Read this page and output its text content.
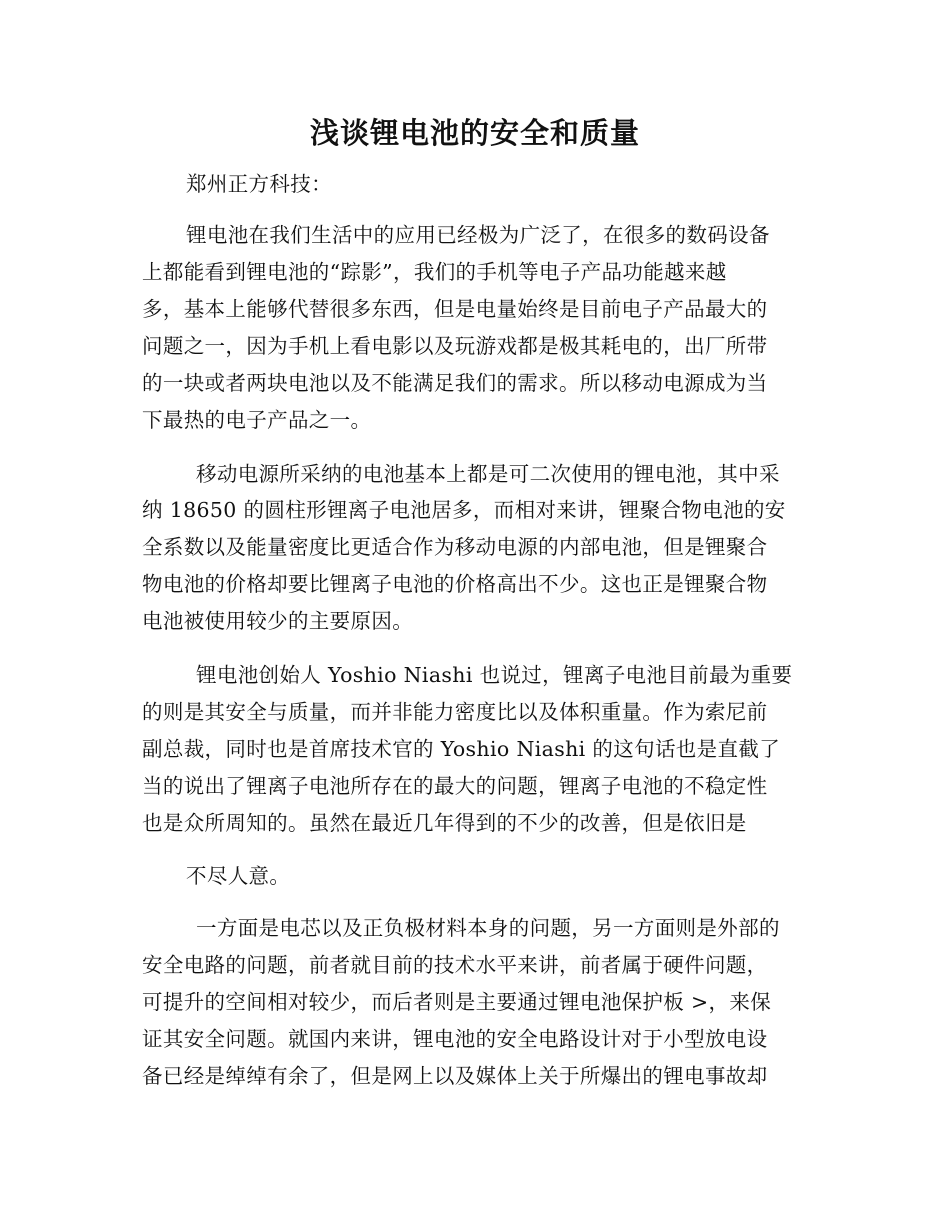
浅谈锂电池的安全和质量
郑州正方科技：
锂电池在我们生活中的应用已经极为广泛了，在很多的数码设备
上都能看到锂电池的“踪影”，我们的手机等电子产品功能越来越
多，基本上能够代替很多东西，但是电量始终是目前电子产品最大的
问题之一，因为手机上看电影以及玩游戏都是极其耗电的，出厂所带
的一块或者两块电池以及不能满足我们的需求。所以移动电源成为当
下最热的电子产品之一。
移动电源所采纳的电池基本上都是可二次使用的锂电池，其中采
纳 18650 的圆柱形锂离子电池居多，而相对来讲，锂聚合物电池的安
全系数以及能量密度比更适合作为移动电源的内部电池，但是锂聚合
物电池的价格却要比锂离子电池的价格高出不少。这也正是锂聚合物
电池被使用较少的主要原因。
锂电池创始人 Yoshio Niashi 也说过，锂离子电池目前最为重要
的则是其安全与质量，而并非能力密度比以及体积重量。作为索尼前
副总裁，同时也是首席技术官的 Yoshio Niashi 的这句话也是直截了
当的说出了锂离子电池所存在的最大的问题，锂离子电池的不稳定性
也是众所周知的。虽然在最近几年得到的不少的改善，但是依旧是
不尽人意。
一方面是电芯以及正负极材料本身的问题，另一方面则是外部的
安全电路的问题，前者就目前的技术水平来讲，前者属于硬件问题，
可提升的空间相对较少，而后者则是主要通过锂电池保护板 >，来保
证其安全问题。就国内来讲，锂电池的安全电路设计对于小型放电设
备已经是绰绰有余了，但是网上以及媒体上关于所爆出的锂电事故却
